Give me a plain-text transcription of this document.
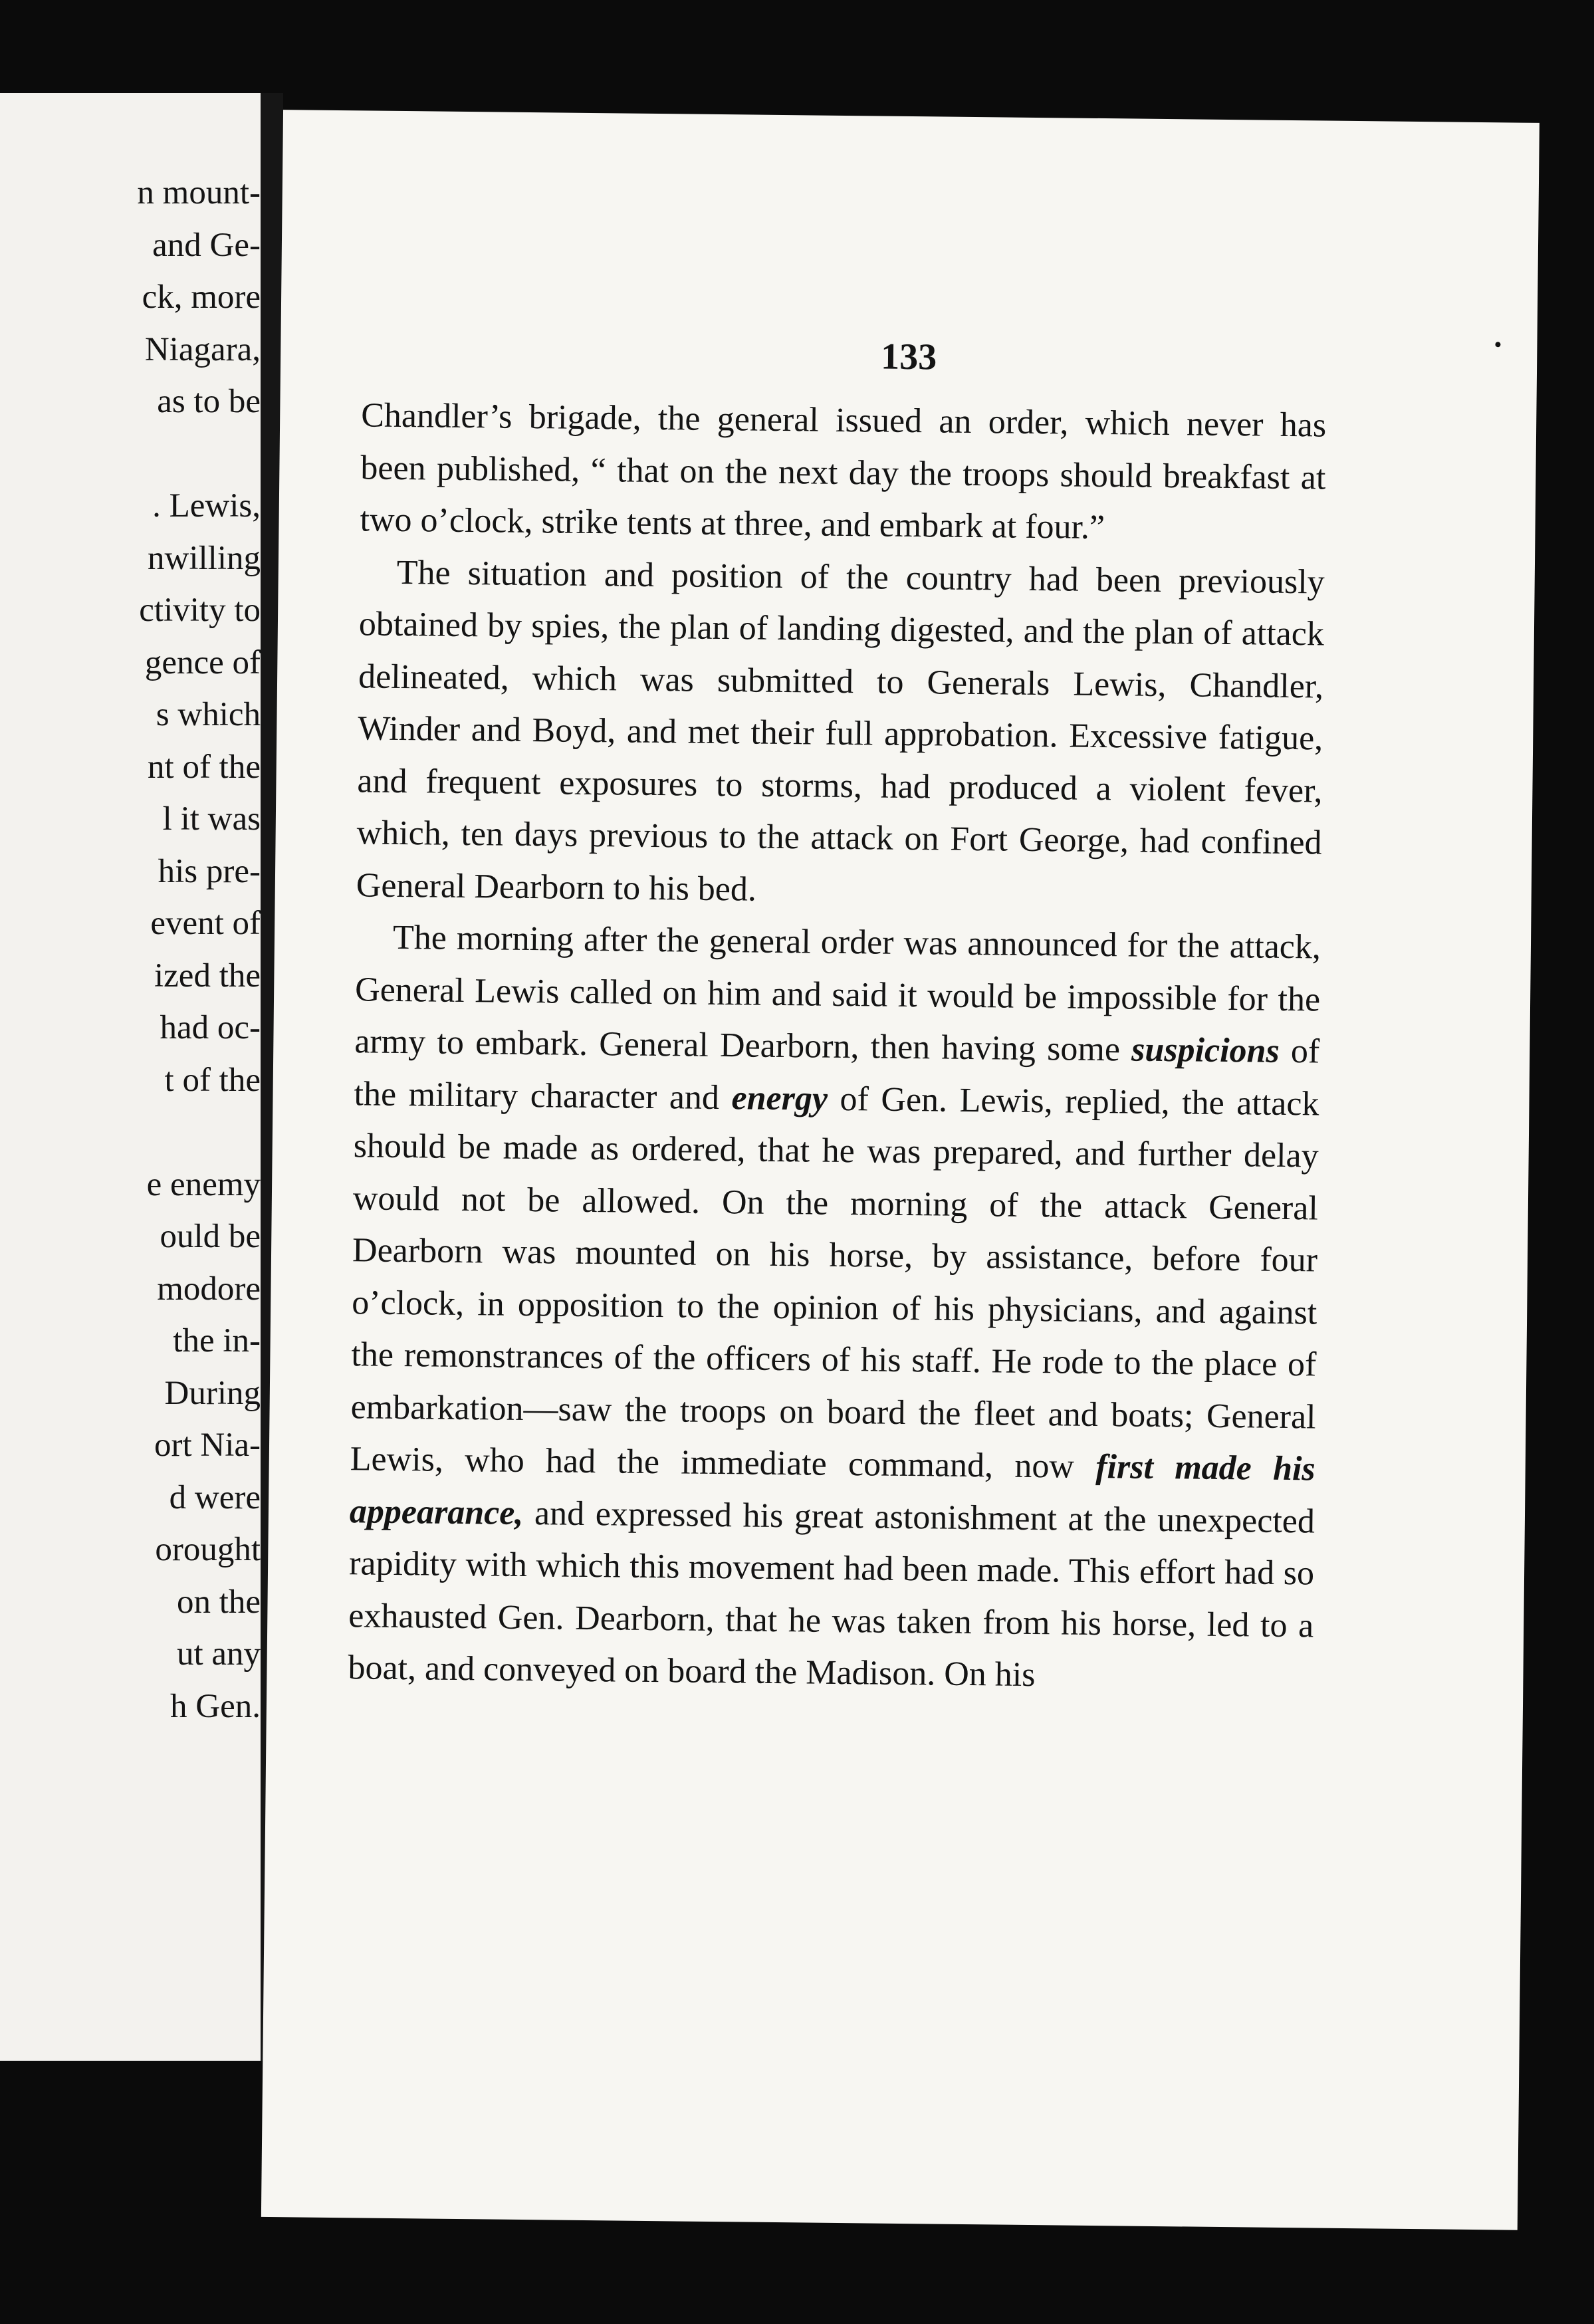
n mount-
and Ge-
ck, more
Niagara,
as to be
. Lewis,
nwilling
ctivity to
gence of
s which
nt of the
l it was
his pre-
event of
ized the
had oc-
t of the
e enemy
ould be
modore
the in-
During
ort Nia-
d were
orought
on the
ut any
h Gen.
133

Chandler’s brigade, the general issued an order, which never has been published, “ that on the next day the troops should breakfast at two o’clock, strike tents at three, and embark at four.”

The situation and position of the country had been previously obtained by spies, the plan of landing digested, and the plan of attack delineated, which was submitted to Generals Lewis, Chandler, Winder and Boyd, and met their full approbation. Excessive fatigue, and frequent exposures to storms, had produced a violent fever, which, ten days previous to the attack on Fort George, had confined General Dearborn to his bed.

The morning after the general order was announced for the attack, General Lewis called on him and said it would be impossible for the army to embark. General Dearborn, then having some suspicions of the military character and energy of Gen. Lewis, replied, the attack should be made as ordered, that he was prepared, and further delay would not be allowed. On the morning of the attack General Dearborn was mounted on his horse, by assistance, before four o’clock, in opposition to the opinion of his physicians, and against the remonstrances of the officers of his staff. He rode to the place of embarkation—saw the troops on board the fleet and boats; General Lewis, who had the immediate command, now first made his appearance, and expressed his great astonishment at the unexpected rapidity with which this movement had been made. This effort had so exhausted Gen. Dearborn, that he was taken from his horse, led to a boat, and conveyed on board the Madison. On his
